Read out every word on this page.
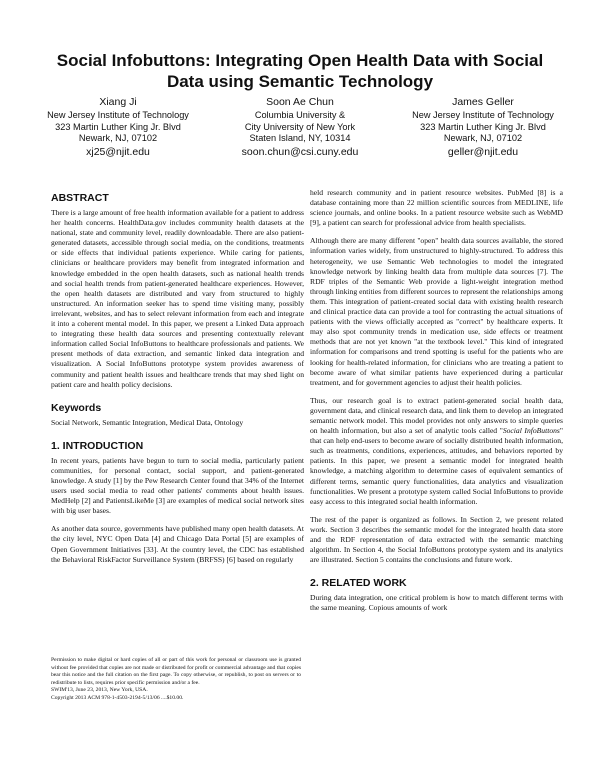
Social Infobuttons: Integrating Open Health Data with Social Data using Semantic Technology
Xiang Ji
New Jersey Institute of Technology
323 Martin Luther King Jr. Blvd
Newark, NJ, 07102
xj25@njit.edu
Soon Ae Chun
Columbia University &
City University of New York
Staten Island, NY, 10314
soon.chun@csi.cuny.edu
James Geller
New Jersey Institute of Technology
323 Martin Luther King Jr. Blvd
Newark, NJ, 07102
geller@njit.edu
ABSTRACT

There is a large amount of free health information available for a patient to address her health concerns. HealthData.gov includes community health datasets at the national, state and community level, readily downloadable. There are also patient-generated datasets, accessible through social media, on the conditions, treatments or side effects that individual patients experience. While caring for patients, clinicians or healthcare providers may benefit from integrated information and knowledge embedded in the open health datasets, such as national health trends and social health trends from patient-generated healthcare experiences. However, the open health datasets are distributed and vary from structured to highly unstructured. An information seeker has to spend time visiting many, possibly irrelevant, websites, and has to select relevant information from each and integrate it into a coherent mental model. In this paper, we present a Linked Data approach to integrating these health data sources and presenting contextually relevant information called Social InfoButtons to healthcare professionals and patients. We present methods of data extraction, and semantic linked data integration and visualization. A Social InfoButtons prototype system provides awareness of community and patient health issues and healthcare trends that may shed light on patient care and health policy decisions.

Keywords

Social Network, Semantic Integration, Medical Data, Ontology

1. INTRODUCTION

In recent years, patients have begun to turn to social media, particularly patient communities, for personal contact, social support, and patient-generated knowledge. A study [1] by the Pew Research Center found that 34% of the Internet users used social media to read other patients' comments about health issues. MedHelp [2] and PatientsLikeMe [3] are examples of medical social network sites with big user bases.

As another data source, governments have published many open health datasets. At the city level, NYC Open Data [4] and Chicago Data Portal [5] are examples of Open Government Initiatives [33]. At the country level, the CDC has established the Behavioral RiskFactor Surveillance System (BRFSS) [6] based on regularly

Permission to make digital or hard copies of all or part of this work for personal or classroom use is granted without fee provided that copies are not made or distributed for profit or commercial advantage and that copies bear this notice and the full citation on the first page. To copy otherwise, or republish, to post on servers or to redistribute to lists, requires prior specific permission and/or a fee.

SWIM'13, June 23, 2013, New York, USA.
Copyright 2013 ACM 978-1-4503-2194-5/13/06 ....$10.00.

held research community and in patient resource websites. PubMed [8] is a database containing more than 22 million scientific sources from MEDLINE, life science journals, and online books. In a patient resource website such as WebMD [9], a patient can search for professional advice from health specialists.

Although there are many different "open" health data sources available, the stored information varies widely, from unstructured to highly-structured. To address this heterogeneity, we use Semantic Web technologies to model the integrated knowledge network by linking health data from multiple data sources [7]. The RDF triples of the Semantic Web provide a light-weight integration method through linking entities from different sources to represent the relationships among them. This integration of patient-created social data with existing health research and clinical practice data can provide a tool for contrasting the actual situations of patients with the views officially accepted as "correct" by healthcare experts. It may also spot community trends in medication use, side effects or treatment methods that are not yet known "at the textbook level." This kind of integrated information for comparisons and trend spotting is useful for the patients who are looking for health-related information, for clinicians who are treating a patient to become aware of what similar patients have experienced during a particular treatment, and for government agencies to adjust their health policies.

Thus, our research goal is to extract patient-generated social health data, government data, and clinical research data, and link them to develop an integrated semantic network model. This model provides not only answers to simple queries on health information, but also a set of analytic tools called "Social InfoButtons" that can help end-users to become aware of socially distributed health information, such as treatments, conditions, experiences, attitudes, and behaviors reported by patients. In this paper, we present a semantic model for integrated health knowledge, a matching algorithm to determine cases of equivalent semantics of different terms, semantic query functionalities, data analytics and visualization functionalities. We present a prototype system called Social InfoButtons to provide easy access to this integrated social health information.

The rest of the paper is organized as follows. In Section 2, we present related work. Section 3 describes the semantic model for the integrated health data store and the RDF representation of data extracted with the semantic matching algorithm. In Section 4, the Social InfoButtons prototype system and its analytics are illustrated. Section 5 contains the conclusions and future work.

2. RELATED WORK

During data integration, one critical problem is how to match different terms with the same meaning. Copious amounts of work
